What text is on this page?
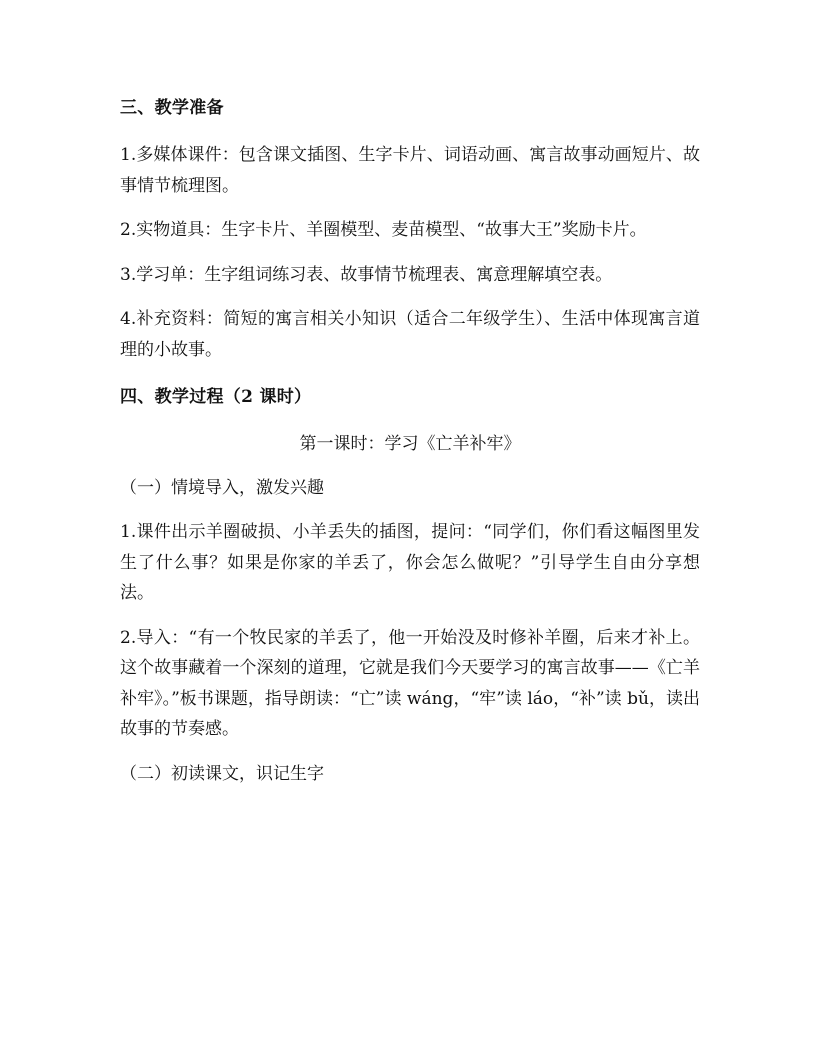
三、教学准备

1.多媒体课件：包含课文插图、生字卡片、词语动画、寓言故事动画短片、故事情节梳理图。

2.实物道具：生字卡片、羊圈模型、麦苗模型、“故事大王”奖励卡片。

3.学习单：生字组词练习表、故事情节梳理表、寓意理解填空表。

4.补充资料：简短的寓言相关小知识（适合二年级学生）、生活中体现寓言道理的小故事。

四、教学过程（2 课时）

第一课时：学习《亡羊补牢》

（一）情境导入，激发兴趣

1.课件出示羊圈破损、小羊丢失的插图，提问：“同学们，你们看这幅图里发生了什么事？如果是你家的羊丢了，你会怎么做呢？”引导学生自由分享想法。

2.导入：“有一个牧民家的羊丢了，他一开始没及时修补羊圈，后来才补上。这个故事藏着一个深刻的道理，它就是我们今天要学习的寓言故事——《亡羊补牢》。”板书课题，指导朗读：“亡”读 wáng，“牢”读 láo，“补”读 bǔ，读出故事的节奏感。

（二）初读课文，识记生字
